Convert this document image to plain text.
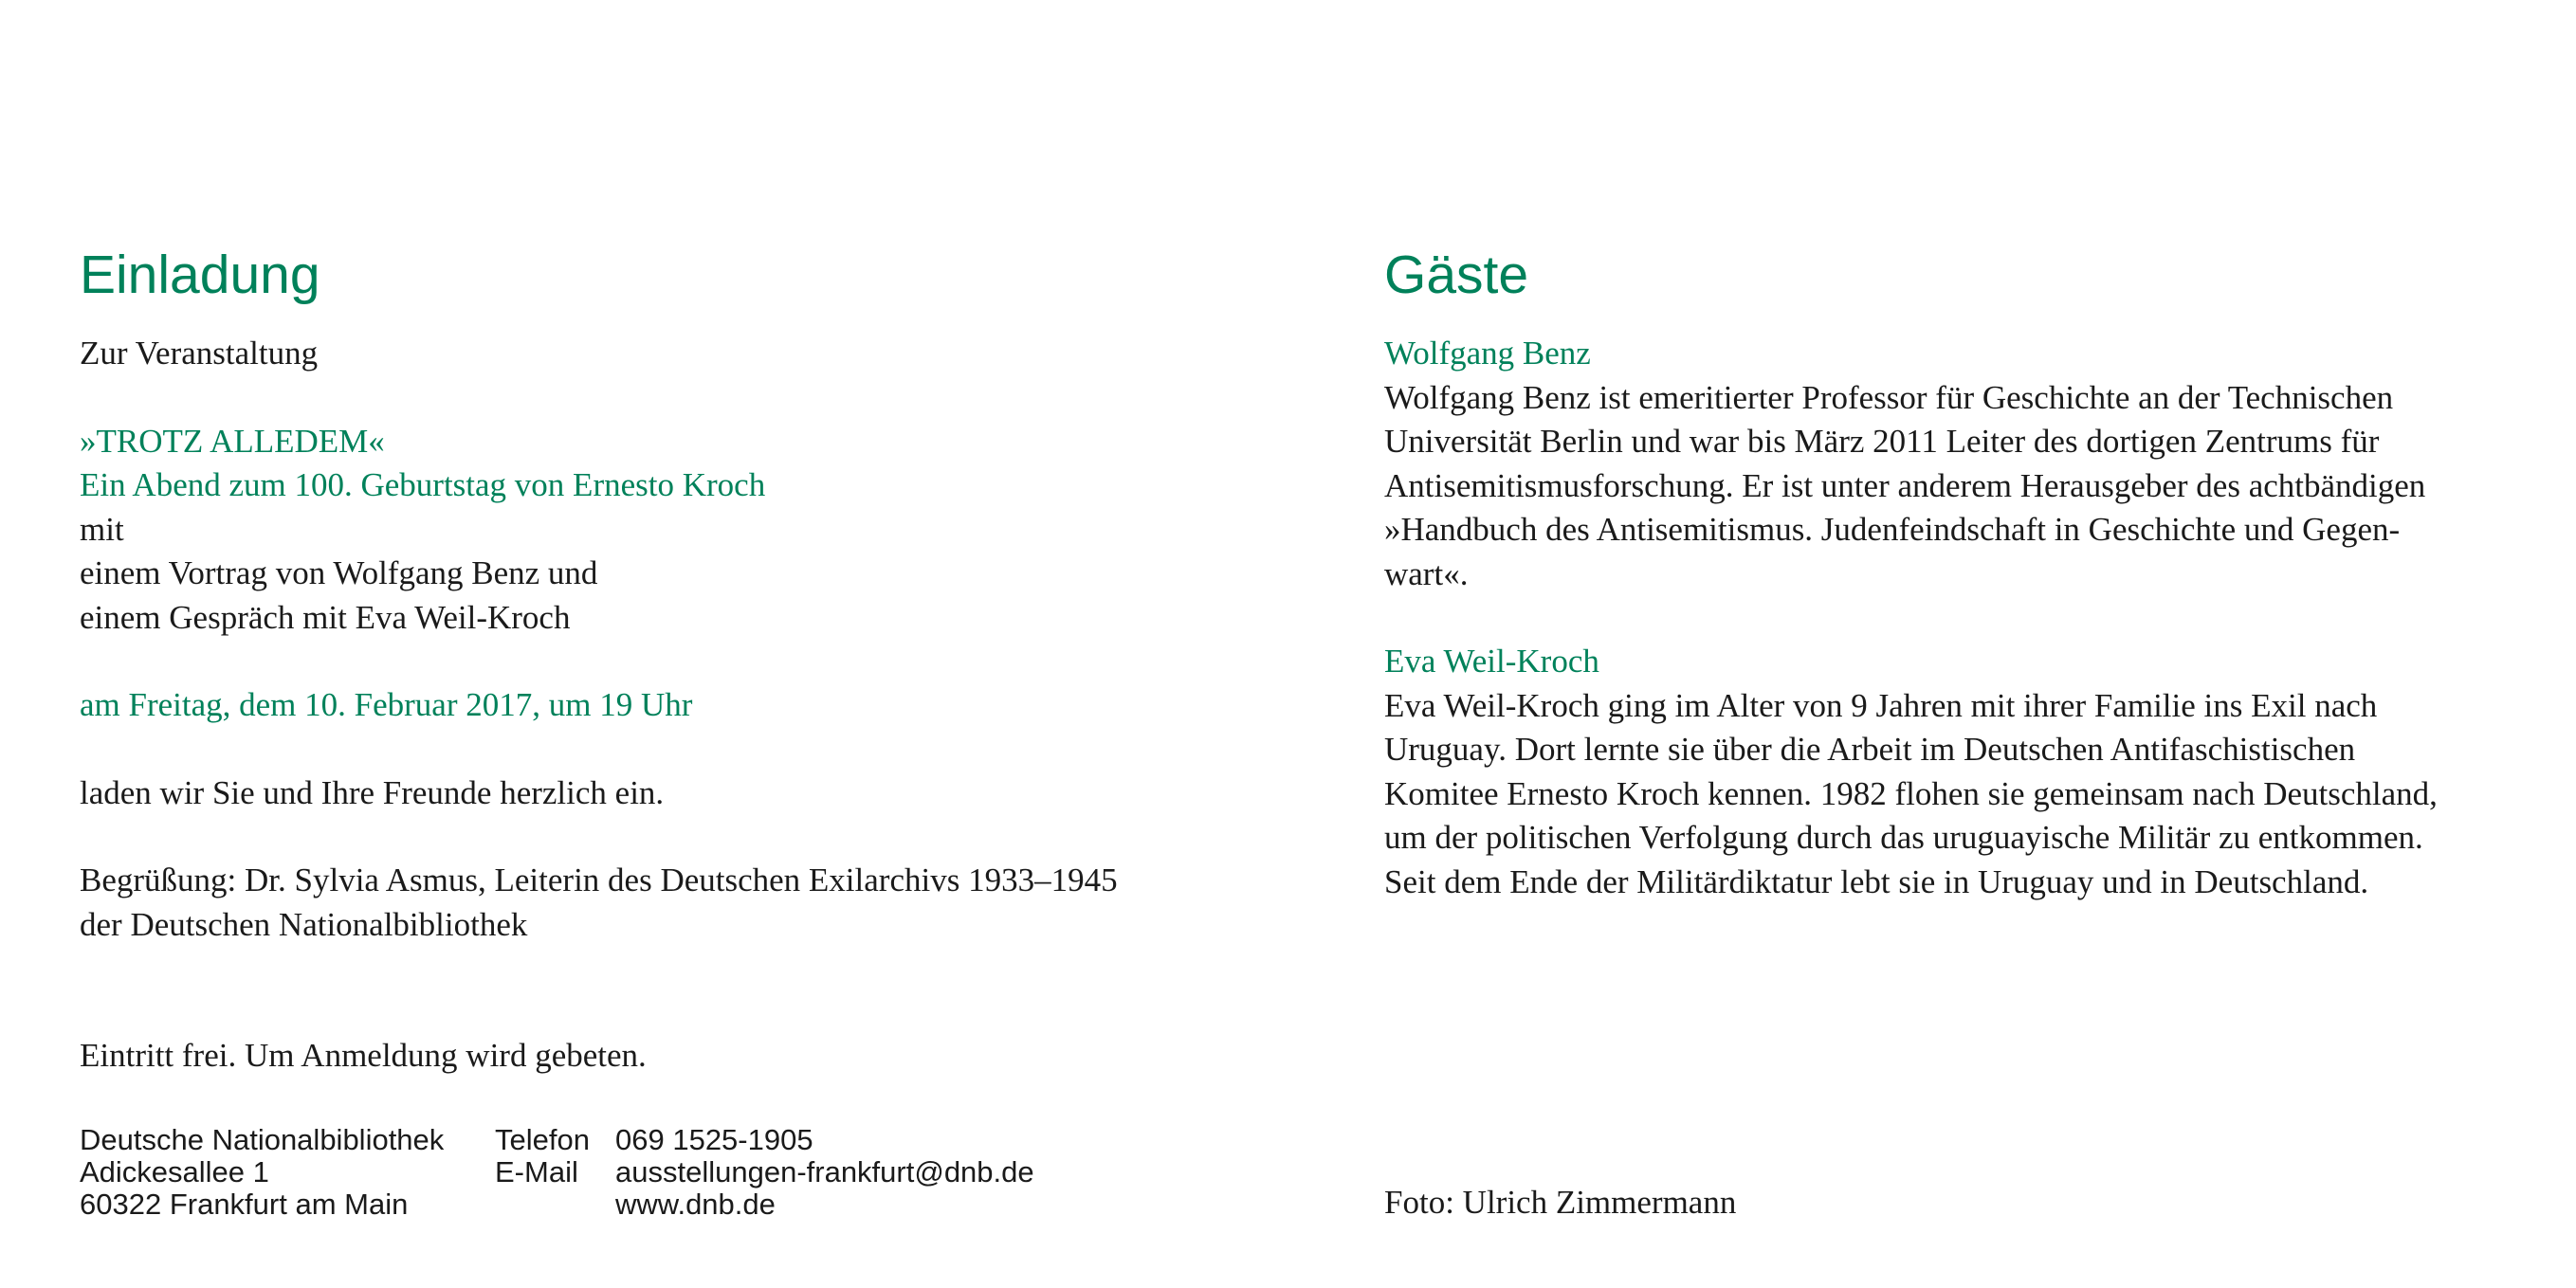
Einladung
Zur Veranstaltung
»TROTZ ALLEDEM«
Ein Abend zum 100. Geburtstag von Ernesto Kroch
mit
einem Vortrag von Wolfgang Benz und
einem Gespräch mit Eva Weil-Kroch
am Freitag, dem 10. Februar 2017, um 19 Uhr
laden wir Sie und Ihre Freunde herzlich ein.
Begrüßung: Dr. Sylvia Asmus, Leiterin des Deutschen Exilarchivs 1933–1945
der Deutschen Nationalbibliothek
Eintritt frei. Um Anmeldung wird gebeten.
Deutsche Nationalbibliothek
Adickesallee 1
60322 Frankfurt am Main
Telefon
E-Mail
069 1525-1905
ausstellungen-frankfurt@dnb.de
www.dnb.de
Gäste
Wolfgang Benz
Wolfgang Benz ist emeritierter Professor für Geschichte an der Technischen
Universität Berlin und war bis März 2011 Leiter des dortigen Zentrums für
Antisemitismusforschung. Er ist unter anderem Herausgeber des achtbändigen
»Handbuch des Antisemitismus. Judenfeindschaft in Geschichte und Gegen-
wart«.
Eva Weil-Kroch
Eva Weil-Kroch ging im Alter von 9 Jahren mit ihrer Familie ins Exil nach
Uruguay. Dort lernte sie über die Arbeit im Deutschen Antifaschistischen
Komitee Ernesto Kroch kennen. 1982 flohen sie gemeinsam nach Deutschland,
um der politischen Verfolgung durch das uruguayische Militär zu entkommen.
Seit dem Ende der Militärdiktatur lebt sie in Uruguay und in Deutschland.
Foto: Ulrich Zimmermann
